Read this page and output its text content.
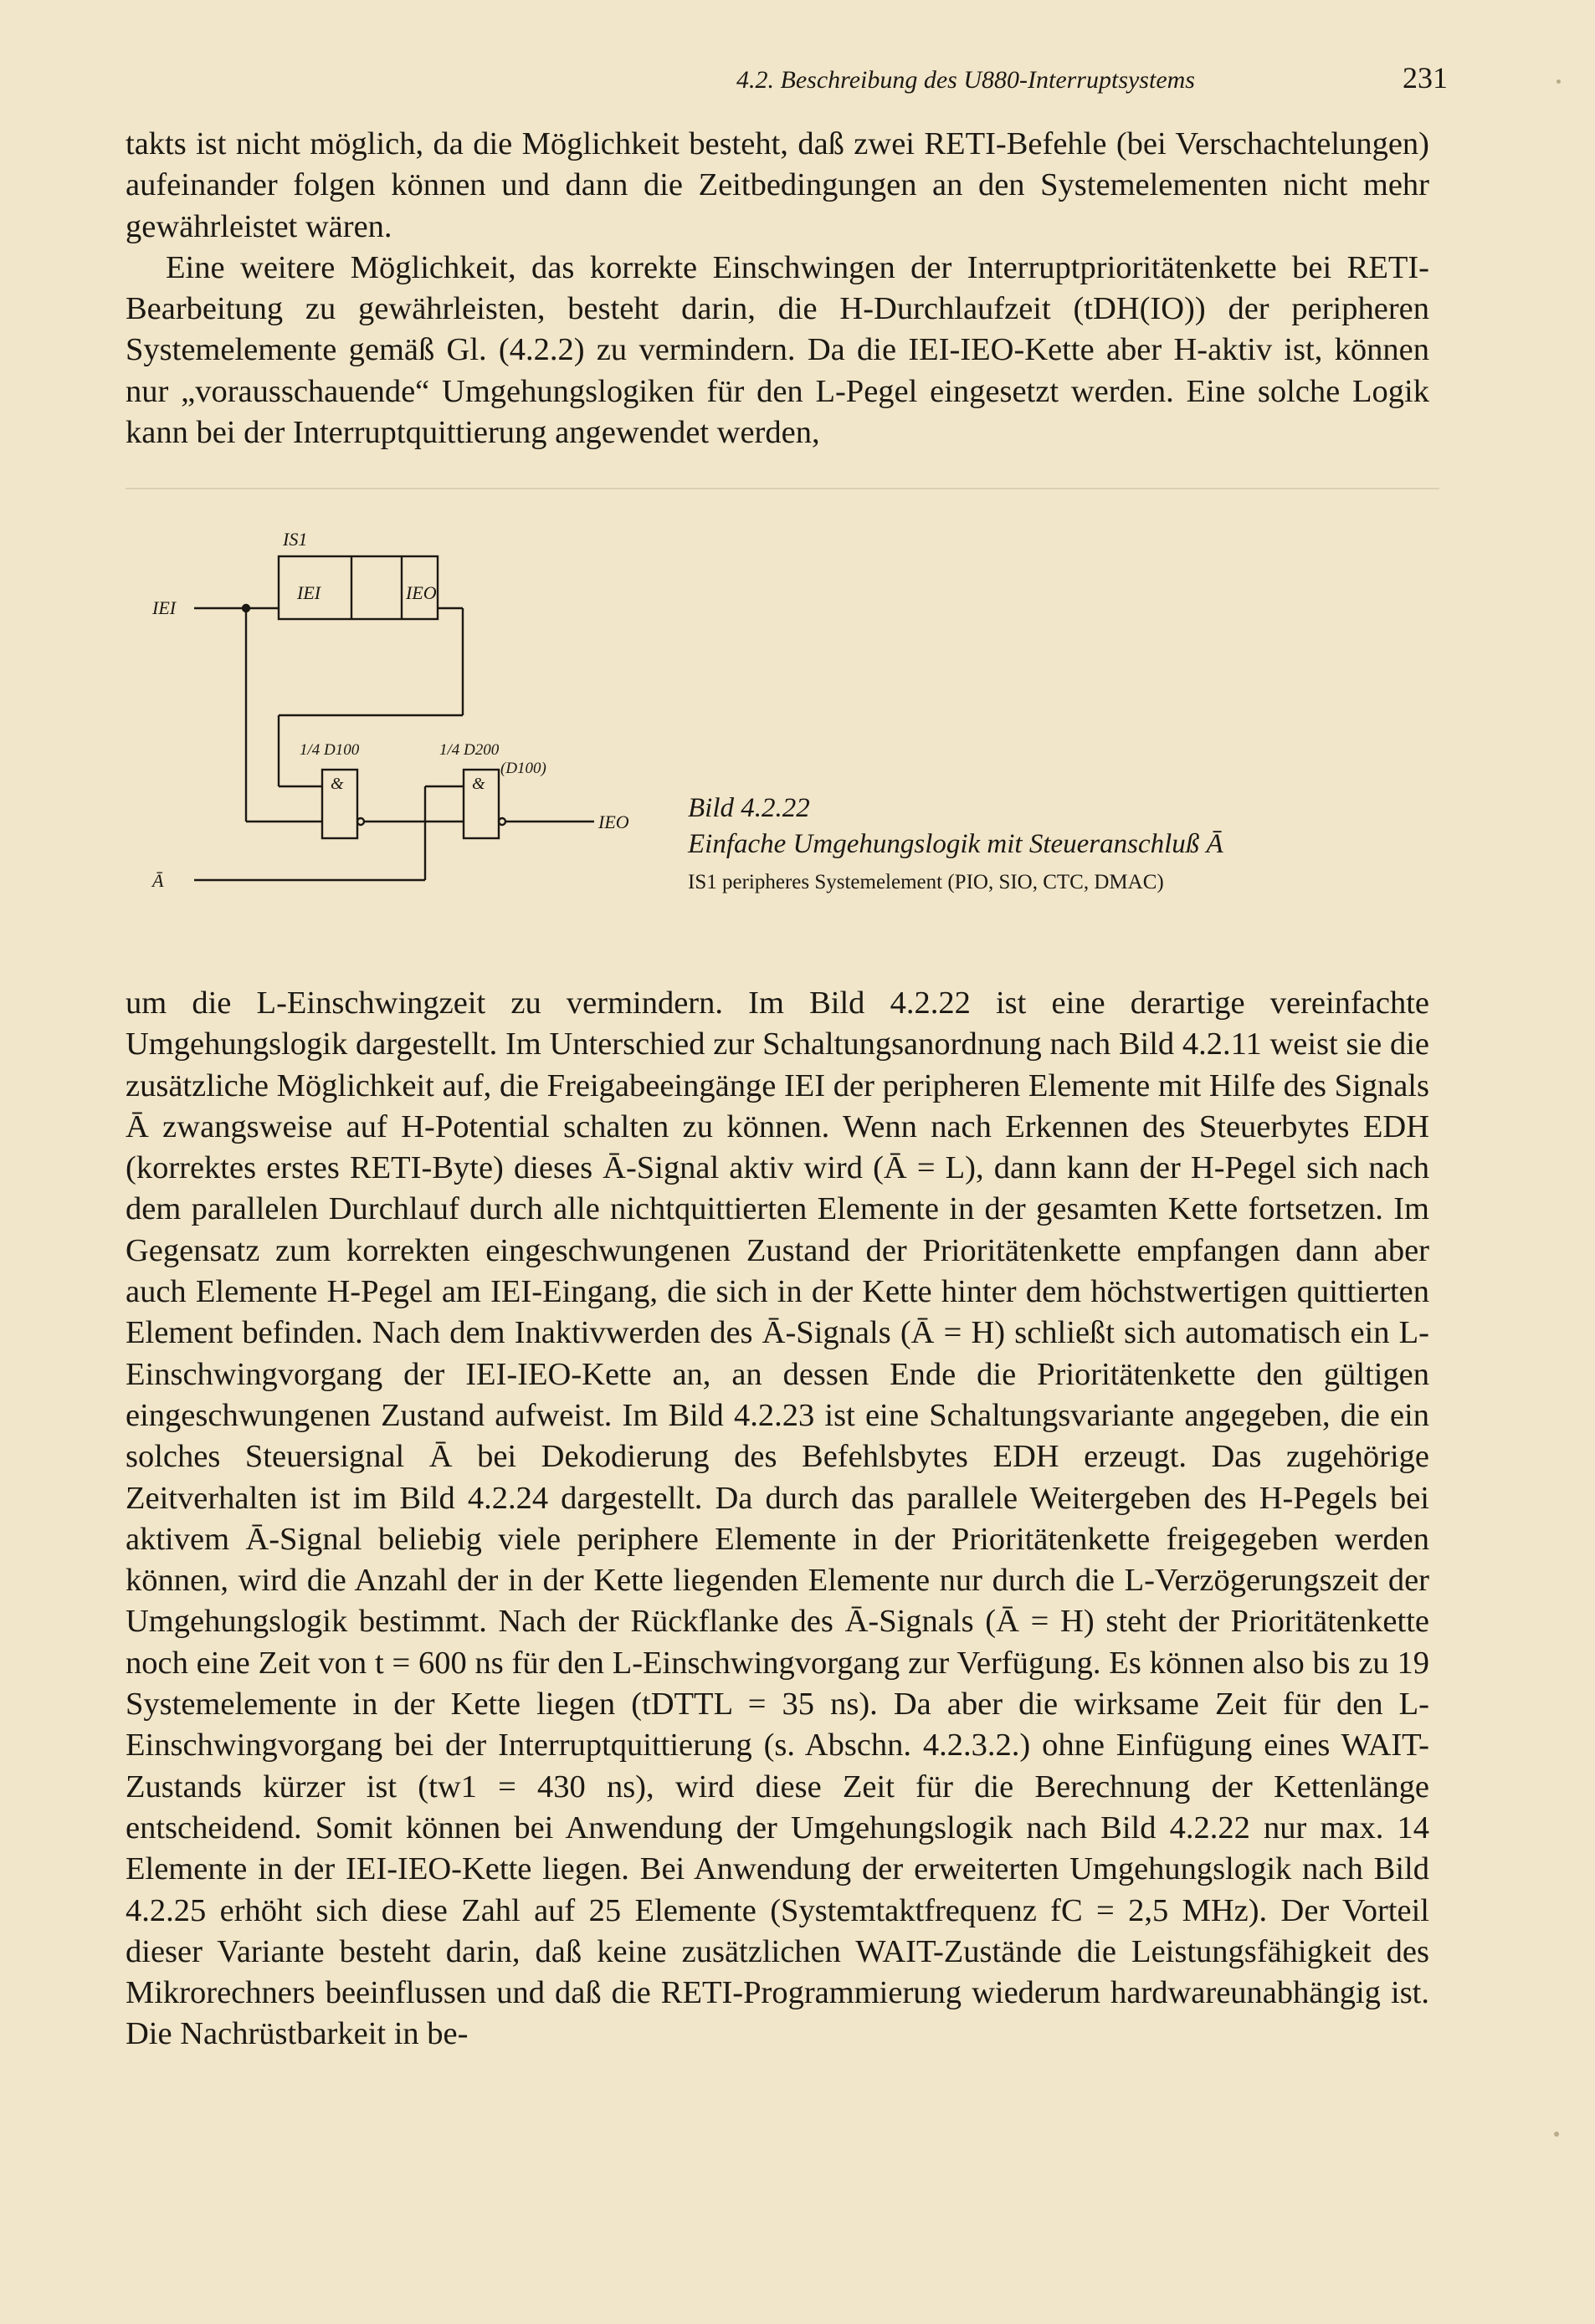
4.2. Beschreibung des U880-Interruptsystems	231

takts ist nicht möglich, da die Möglichkeit besteht, daß zwei RETI-Befehle (bei Verschachtelungen) aufeinander folgen können und dann die Zeitbedingungen an den Systemelementen nicht mehr gewährleistet wären.

Eine weitere Möglichkeit, das korrekte Einschwingen der Interruptprioritätenkette bei RETI-Bearbeitung zu gewährleisten, besteht darin, die H-Durchlaufzeit (tDH(IO)) der peripheren Systemelemente gemäß Gl. (4.2.2) zu vermindern. Da die IEI-IEO-Kette aber H-aktiv ist, können nur „vorausschauende“ Umgehungslogiken für den L-Pegel eingesetzt werden. Eine solche Logik kann bei der Interruptquittierung angewendet werden,

IS1
IEI
IEI	IEO
1/4 D100	1/4 D200
(D100)
&	&
IEO
Ā
Bild 4.2.22
Einfache Umgehungslogik mit Steueranschluß Ā
IS1 peripheres Systemelement (PIO, SIO, CTC, DMAC)

um die L-Einschwingzeit zu vermindern. Im Bild 4.2.22 ist eine derartige vereinfachte Umgehungslogik dargestellt. Im Unterschied zur Schaltungsanordnung nach Bild 4.2.11 weist sie die zusätzliche Möglichkeit auf, die Freigabeeingänge IEI der peripheren Elemente mit Hilfe des Signals Ā zwangsweise auf H-Potential schalten zu können. Wenn nach Erkennen des Steuerbytes EDH (korrektes erstes RETI-Byte) dieses Ā-Signal aktiv wird (Ā = L), dann kann der H-Pegel sich nach dem parallelen Durchlauf durch alle nichtquittierten Elemente in der gesamten Kette fortsetzen. Im Gegensatz zum korrekten eingeschwungenen Zustand der Prioritätenkette empfangen dann aber auch Elemente H-Pegel am IEI-Eingang, die sich in der Kette hinter dem höchstwertigen quittierten Element befinden. Nach dem Inaktivwerden des Ā-Signals (Ā = H) schließt sich automatisch ein L-Einschwingvorgang der IEI-IEO-Kette an, an dessen Ende die Prioritätenkette den gültigen eingeschwungenen Zustand aufweist. Im Bild 4.2.23 ist eine Schaltungsvariante angegeben, die ein solches Steuersignal Ā bei Dekodierung des Befehlsbytes EDH erzeugt. Das zugehörige Zeitverhalten ist im Bild 4.2.24 dargestellt. Da durch das parallele Weitergeben des H-Pegels bei aktivem Ā-Signal beliebig viele periphere Elemente in der Prioritätenkette freigegeben werden können, wird die Anzahl der in der Kette liegenden Elemente nur durch die L-Verzögerungszeit der Umgehungslogik bestimmt. Nach der Rückflanke des Ā-Signals (Ā = H) steht der Prioritätenkette noch eine Zeit von t = 600 ns für den L-Einschwingvorgang zur Verfügung. Es können also bis zu 19 Systemelemente in der Kette liegen (tDTTL = 35 ns). Da aber die wirksame Zeit für den L-Einschwingvorgang bei der Interruptquittierung (s. Abschn. 4.2.3.2.) ohne Einfügung eines WAIT-Zustands kürzer ist (tw1 = 430 ns), wird diese Zeit für die Berechnung der Kettenlänge entscheidend. Somit können bei Anwendung der Umgehungslogik nach Bild 4.2.22 nur max. 14 Elemente in der IEI-IEO-Kette liegen. Bei Anwendung der erweiterten Umgehungslogik nach Bild 4.2.25 erhöht sich diese Zahl auf 25 Elemente (Systemtaktfrequenz fC = 2,5 MHz). Der Vorteil dieser Variante besteht darin, daß keine zusätzlichen WAIT-Zustände die Leistungsfähigkeit des Mikrorechners beeinflussen und daß die RETI-Programmierung wiederum hardwareunabhängig ist. Die Nachrüstbarkeit in be-
